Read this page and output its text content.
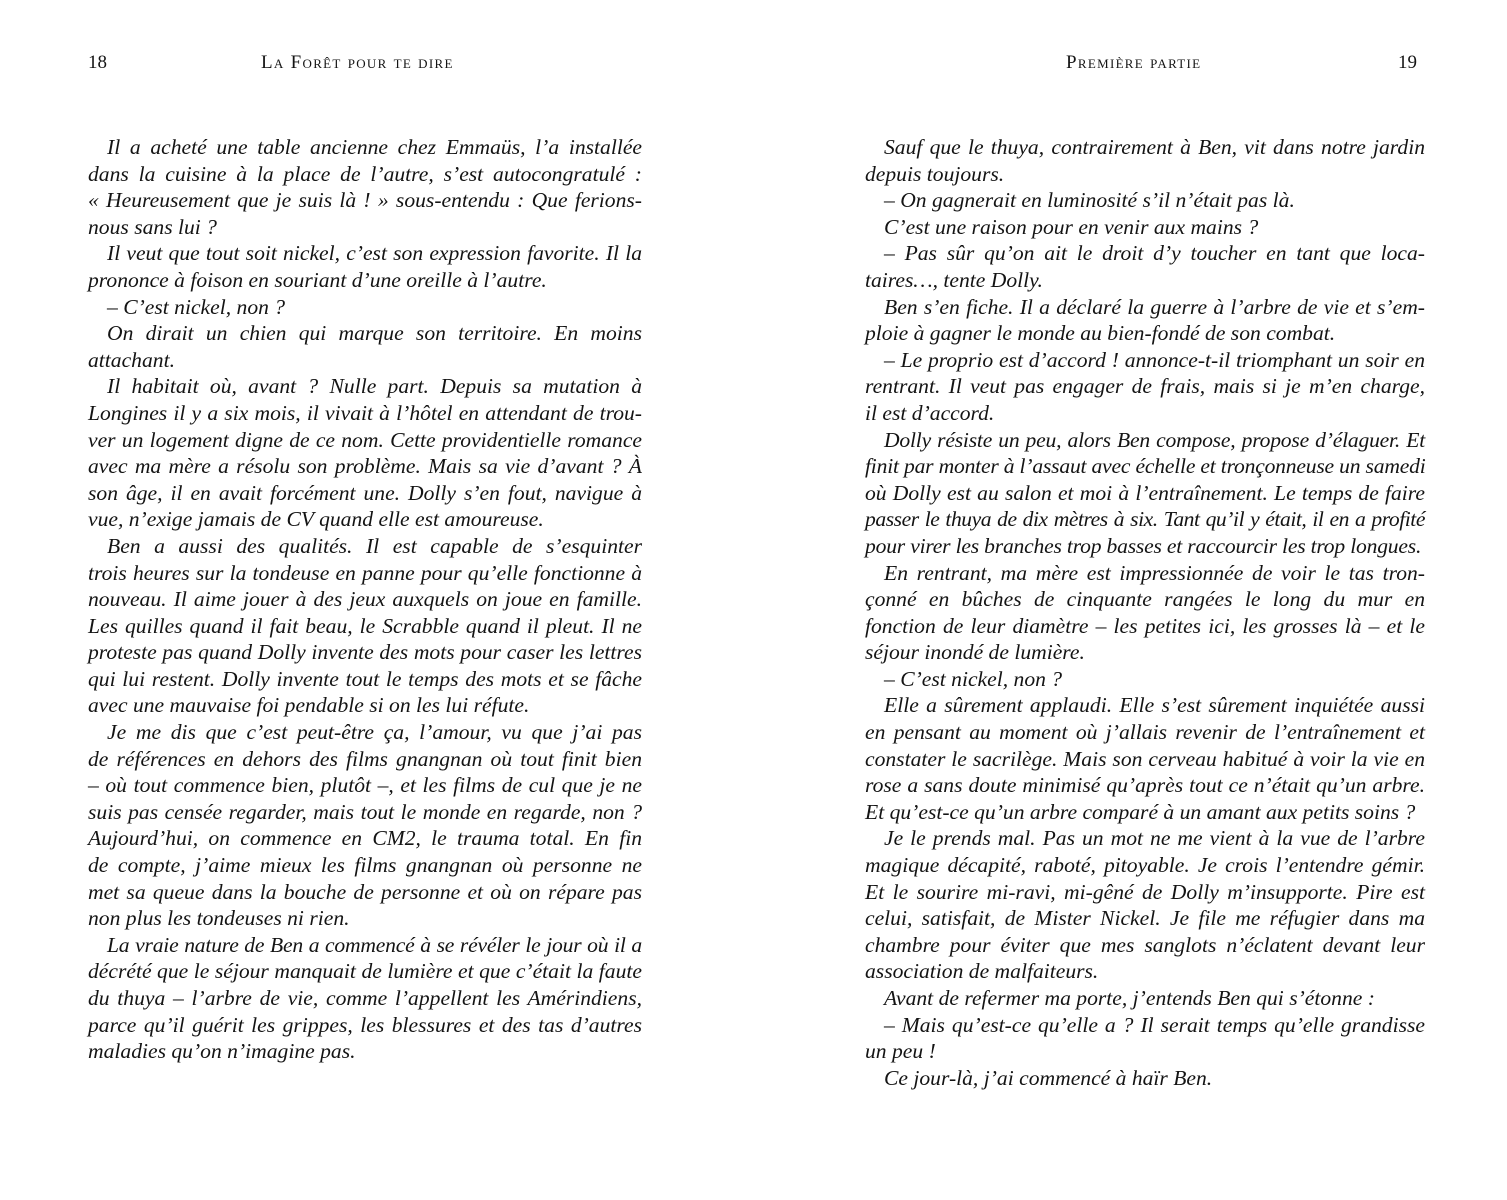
18	La Forêt pour te dire
Il a acheté une table ancienne chez Emmaüs, l’a installée
dans la cuisine à la place de l’autre, s’est autocongratulé :
« Heureusement que je suis là ! » sous-entendu : Que ferions-
nous sans lui ?
Il veut que tout soit nickel, c’est son expression favorite. Il la
prononce à foison en souriant d’une oreille à l’autre.
– C’est nickel, non ?
On dirait un chien qui marque son territoire. En moins
attachant.
Il habitait où, avant ? Nulle part. Depuis sa mutation à
Longines il y a six mois, il vivait à l’hôtel en attendant de trou-
ver un logement digne de ce nom. Cette providentielle romance
avec ma mère a résolu son problème. Mais sa vie d’avant ? À
son âge, il en avait forcément une. Dolly s’en fout, navigue à
vue, n’exige jamais de CV quand elle est amoureuse.
Ben a aussi des qualités. Il est capable de s’esquinter
trois heures sur la tondeuse en panne pour qu’elle fonctionne à
nouveau. Il aime jouer à des jeux auxquels on joue en famille.
Les quilles quand il fait beau, le Scrabble quand il pleut. Il ne
proteste pas quand Dolly invente des mots pour caser les lettres
qui lui restent. Dolly invente tout le temps des mots et se fâche
avec une mauvaise foi pendable si on les lui réfute.
Je me dis que c’est peut-être ça, l’amour, vu que j’ai pas
de références en dehors des films gnangnan où tout finit bien
– où tout commence bien, plutôt –, et les films de cul que je ne
suis pas censée regarder, mais tout le monde en regarde, non ?
Aujourd’hui, on commence en CM2, le trauma total. En fin
de compte, j’aime mieux les films gnangnan où personne ne
met sa queue dans la bouche de personne et où on répare pas
non plus les tondeuses ni rien.
La vraie nature de Ben a commencé à se révéler le jour où il a
décrété que le séjour manquait de lumière et que c’était la faute
du thuya – l’arbre de vie, comme l’appellent les Amérindiens,
parce qu’il guérit les grippes, les blessures et des tas d’autres
maladies qu’on n’imagine pas.
Première partie	19
Sauf que le thuya, contrairement à Ben, vit dans notre jardin
depuis toujours.
– On gagnerait en luminosité s’il n’était pas là.
C’est une raison pour en venir aux mains ?
– Pas sûr qu’on ait le droit d’y toucher en tant que loca-
taires…, tente Dolly.
Ben s’en fiche. Il a déclaré la guerre à l’arbre de vie et s’em-
ploie à gagner le monde au bien-fondé de son combat.
– Le proprio est d’accord ! annonce-t-il triomphant un soir en
rentrant. Il veut pas engager de frais, mais si je m’en charge,
il est d’accord.
Dolly résiste un peu, alors Ben compose, propose d’élaguer. Et
finit par monter à l’assaut avec échelle et tronçonneuse un samedi
où Dolly est au salon et moi à l’entraînement. Le temps de faire
passer le thuya de dix mètres à six. Tant qu’il y était, il en a profité
pour virer les branches trop basses et raccourcir les trop longues.
En rentrant, ma mère est impressionnée de voir le tas tron-
çonné en bûches de cinquante rangées le long du mur en
fonction de leur diamètre – les petites ici, les grosses là – et le
séjour inondé de lumière.
– C’est nickel, non ?
Elle a sûrement applaudi. Elle s’est sûrement inquiétée aussi
en pensant au moment où j’allais revenir de l’entraînement et
constater le sacrilège. Mais son cerveau habitué à voir la vie en
rose a sans doute minimisé qu’après tout ce n’était qu’un arbre.
Et qu’est-ce qu’un arbre comparé à un amant aux petits soins ?
Je le prends mal. Pas un mot ne me vient à la vue de l’arbre
magique décapité, raboté, pitoyable. Je crois l’entendre gémir.
Et le sourire mi-ravi, mi-gêné de Dolly m’insupporte. Pire est
celui, satisfait, de Mister Nickel. Je file me réfugier dans ma
chambre pour éviter que mes sanglots n’éclatent devant leur
association de malfaiteurs.
Avant de refermer ma porte, j’entends Ben qui s’étonne :
– Mais qu’est-ce qu’elle a ? Il serait temps qu’elle grandisse
un peu !
Ce jour-là, j’ai commencé à haïr Ben.
